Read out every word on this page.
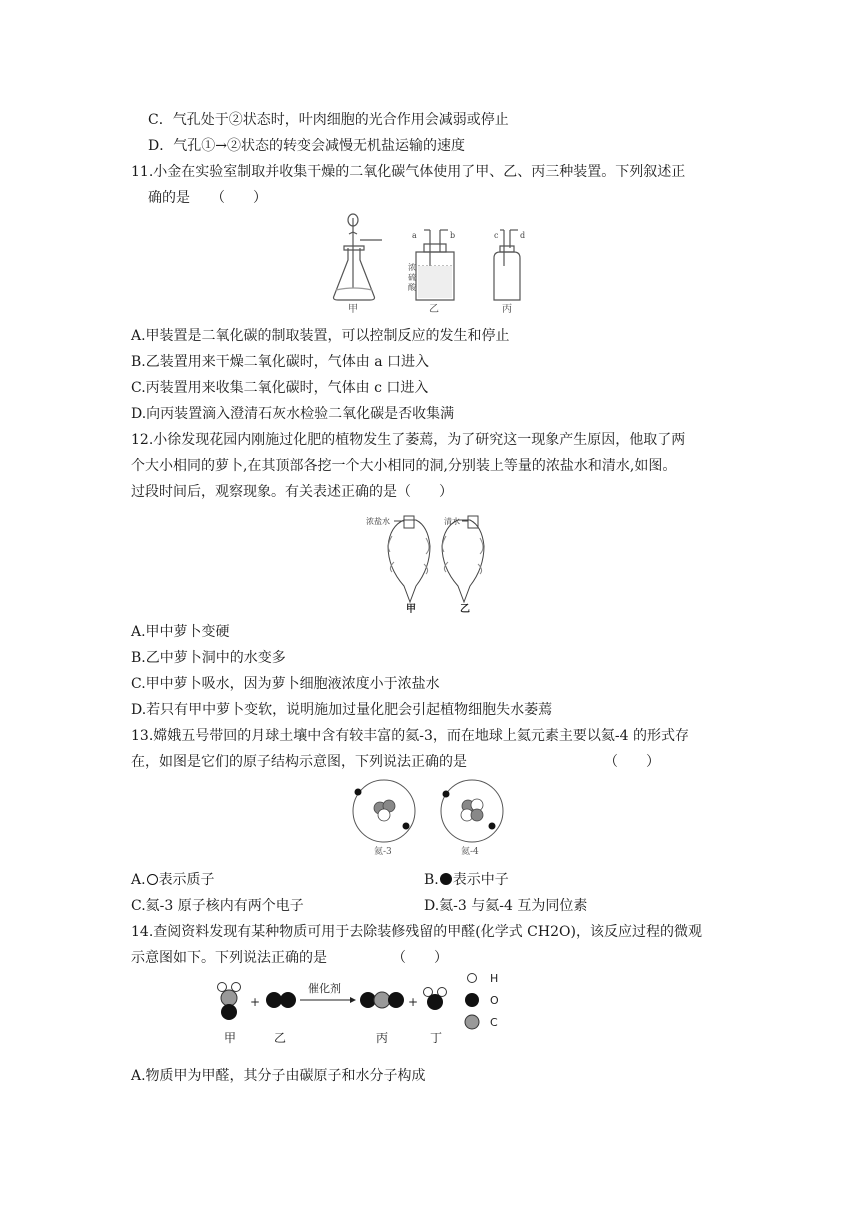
C．气孔处于②状态时，叶肉细胞的光合作用会减弱或停止
D．气孔①→②状态的转变会减慢无机盐运输的速度
11.小金在实验室制取并收集干燥的二氧化碳气体使用了甲、乙、丙三种装置。下列叙述正
确的是　　（　　）
a	b	c	d
浓
硫
酸
甲	乙	丙
A.甲装置是二氧化碳的制取装置，可以控制反应的发生和停止
B.乙装置用来干燥二氧化碳时，气体由 a 口进入
C.丙装置用来收集二氧化碳时，气体由 c 口进入
D.向丙装置滴入澄清石灰水检验二氧化碳是否收集满
12.小徐发现花园内刚施过化肥的植物发生了萎蔫，为了研究这一现象产生原因，他取了两
个大小相同的萝卜,在其顶部各挖一个大小相同的洞,分别装上等量的浓盐水和清水,如图。
过段时间后，观察现象。有关表述正确的是（　　）
浓盐水	清水
甲	乙
A.甲中萝卜变硬
B.乙中萝卜洞中的水变多
C.甲中萝卜吸水，因为萝卜细胞液浓度小于浓盐水
D.若只有甲中萝卜变软，说明施加过量化肥会引起植物细胞失水萎蔫
13.嫦娥五号带回的月球土壤中含有较丰富的氦-3，而在地球上氦元素主要以氦-4 的形式存
在，如图是它们的原子结构示意图，下列说法正确的是	（　　）
氦-3	氦-4
A. 表示质子	B. 表示中子
C.氦-3 原子核内有两个电子	D.氦-3 与氦-4 互为同位素
14.查阅资料发现有某种物质可用于去除装修残留的甲醛(化学式 CH2O)，该反应过程的微观
示意图如下。下列说法正确的是	（　　）
+
催化剂
+
H
O
C
甲	乙	丙	丁
A.物质甲为甲醛，其分子由碳原子和水分子构成
